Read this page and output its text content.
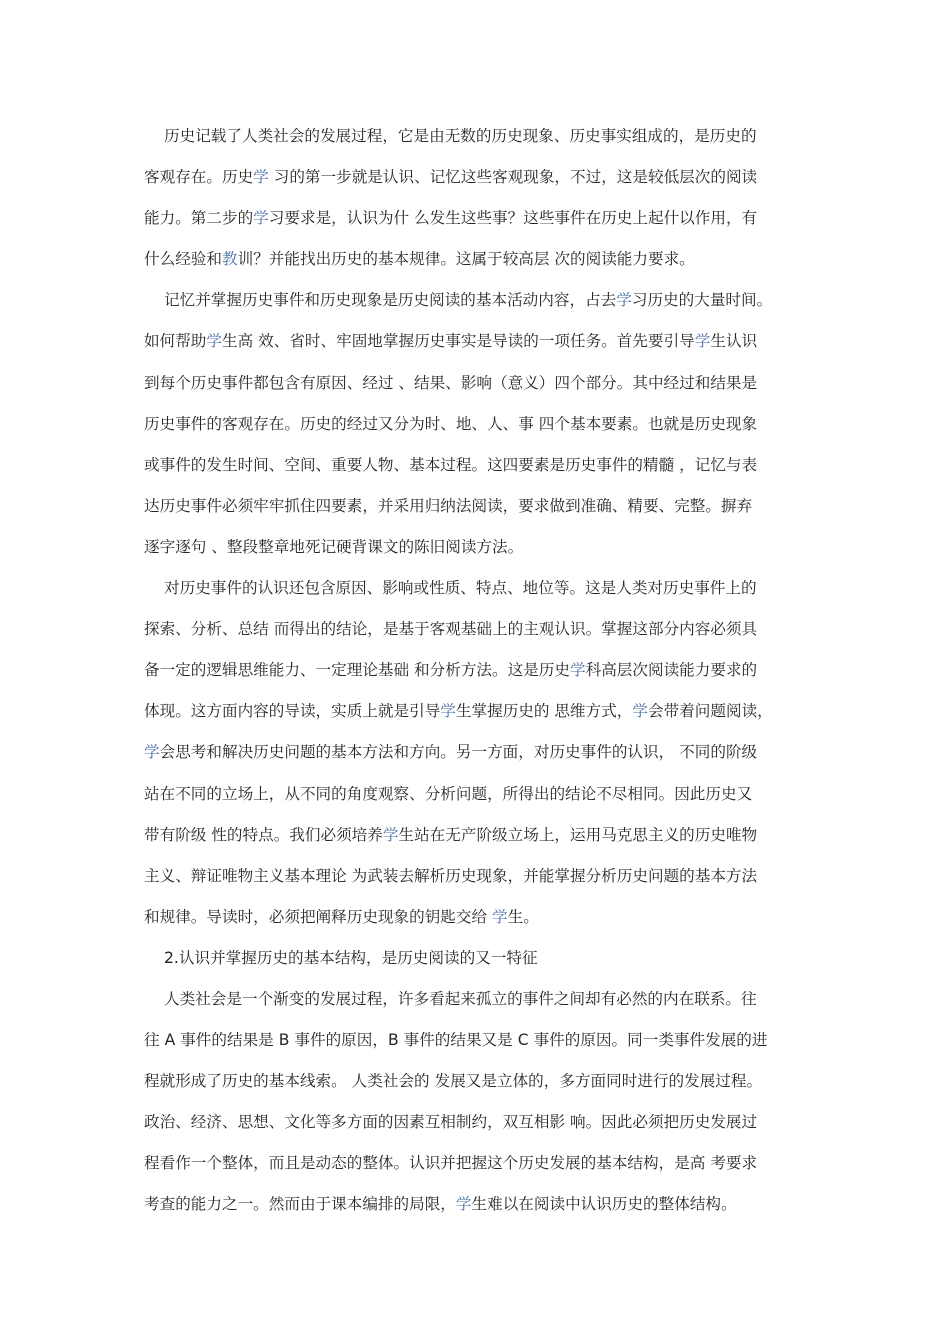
历史记载了人类社会的发展过程，它是由无数的历史现象、历史事实组成的，是历史的
客观存在。历史学 习的第一步就是认识、记忆这些客观现象，不过，这是较低层次的阅读
能力。第二步的学习要求是，认识为什 么发生这些事？这些事件在历史上起什以作用，有
什么经验和教训？并能找出历史的基本规律。这属于较高层 次的阅读能力要求。
记忆并掌握历史事件和历史现象是历史阅读的基本活动内容，占去学习历史的大量时间。
如何帮助学生高 效、省时、牢固地掌握历史事实是导读的一项任务。首先要引导学生认识
到每个历史事件都包含有原因、经过 、结果、影响（意义）四个部分。其中经过和结果是
历史事件的客观存在。历史的经过又分为时、地、人、事 四个基本要素。也就是历史现象
或事件的发生时间、空间、重要人物、基本过程。这四要素是历史事件的精髓 ，记忆与表
达历史事件必须牢牢抓住四要素，并采用归纳法阅读，要求做到准确、精要、完整。摒弃
逐字逐句 、整段整章地死记硬背课文的陈旧阅读方法。
对历史事件的认识还包含原因、影响或性质、特点、地位等。这是人类对历史事件上的
探索、分析、总结 而得出的结论，是基于客观基础上的主观认识。掌握这部分内容必须具
备一定的逻辑思维能力、一定理论基础 和分析方法。这是历史学科高层次阅读能力要求的
体现。这方面内容的导读，实质上就是引导学生掌握历史的 思维方式，学会带着问题阅读，
学会思考和解决历史问题的基本方法和方向。另一方面，对历史事件的认识， 不同的阶级
站在不同的立场上，从不同的角度观察、分析问题，所得出的结论不尽相同。因此历史又
带有阶级 性的特点。我们必须培养学生站在无产阶级立场上，运用马克思主义的历史唯物
主义、辩证唯物主义基本理论 为武装去解析历史现象，并能掌握分析历史问题的基本方法
和规律。导读时，必须把阐释历史现象的钥匙交给 学生。
2.认识并掌握历史的基本结构，是历史阅读的又一特征
人类社会是一个渐变的发展过程，许多看起来孤立的事件之间却有必然的内在联系。往
往 A 事件的结果是 B 事件的原因，B 事件的结果又是 C 事件的原因。同一类事件发展的进
程就形成了历史的基本线索。 人类社会的 发展又是立体的，多方面同时进行的发展过程。
政治、经济、思想、文化等多方面的因素互相制约，双互相影 响。因此必须把历史发展过
程看作一个整体，而且是动态的整体。认识并把握这个历史发展的基本结构，是高 考要求
考查的能力之一。然而由于课本编排的局限，学生难以在阅读中认识历史的整体结构。
